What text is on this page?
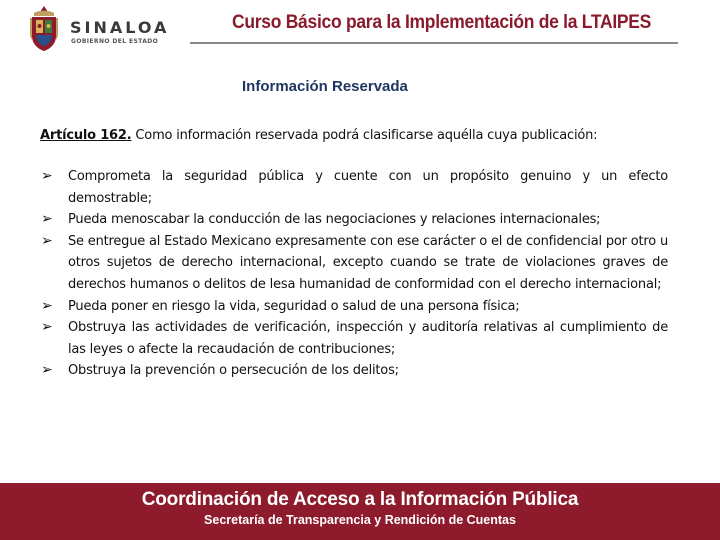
SINALOA
GOBIERNO DEL ESTADO
Curso Básico para la Implementación de la LTAIPES
Información Reservada

Artículo 162. Como información reservada podrá clasificarse aquélla cuya publicación:

➢ Comprometa la seguridad pública y cuente con un propósito genuino y un efecto demostrable;
➢ Pueda menoscabar la conducción de las negociaciones y relaciones internacionales;
➢ Se entregue al Estado Mexicano expresamente con ese carácter o el de confidencial por otro u otros sujetos de derecho internacional, excepto cuando se trate de violaciones graves de derechos humanos o delitos de lesa humanidad de conformidad con el derecho internacional;
➢ Pueda poner en riesgo la vida, seguridad o salud de una persona física;
➢ Obstruya las actividades de verificación, inspección y auditoría relativas al cumplimiento de las leyes o afecte la recaudación de contribuciones;
➢ Obstruya la prevención o persecución de los delitos;

Coordinación de Acceso a la Información Pública

Secretaría de Transparencia y Rendición de Cuentas
